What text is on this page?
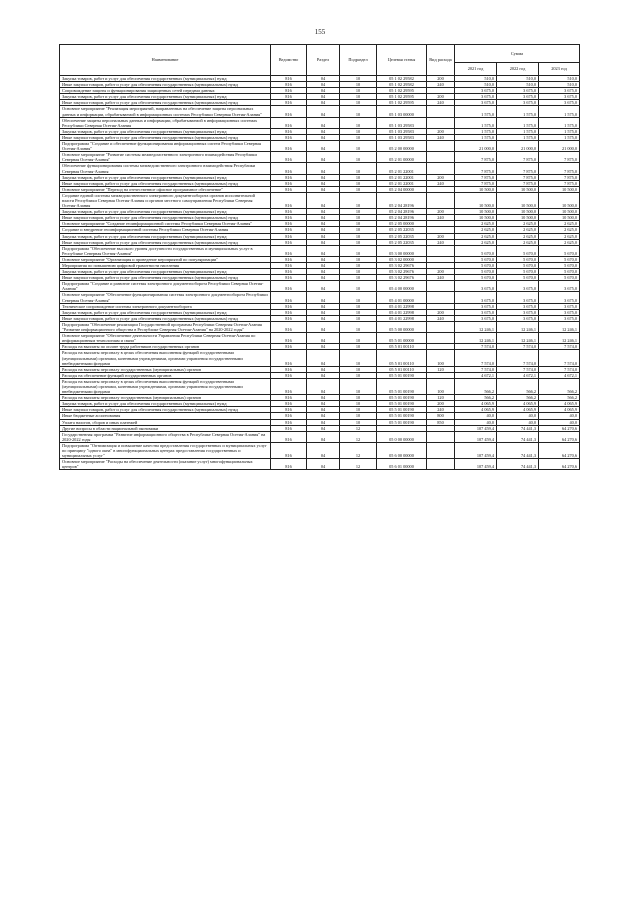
155
Наименование	Ведомство	Раздел	Подраздел	Целевая статья	Вид расхода	Сумма		
						2021 год	2022 год	2023 год
Закупка товаров, работ и услуг для обеспечения государственных (муниципальных) нужд	816	04	10	05 1 02 29582	200	510,0	510,0	510,0
Иные закупки товаров, работ и услуг для обеспечения государственных (муниципальных) нужд	816	04	10	05 1 02 29582	240	510,0	510,0	510,0
Сопровождение защиты и функционирования защищенных сетей передачи данных	816	04	10	05 1 02 29595		3 675,0	3 675,0	3 675,0
Закупка товаров, работ и услуг для обеспечения государственных (муниципальных) нужд	816	04	10	05 1 02 29595	200	3 675,0	3 675,0	3 675,0
Иные закупки товаров, работ и услуг для обеспечения государственных (муниципальных) нужд	816	04	10	05 1 02 29595	240	3 675,0	3 675,0	3 675,0
Основное мероприятие "Реализация мероприятий, направленных на обеспечение защиты персональных данных и информации, обрабатываемой в информационных системах Республики Северная Осетия-Алания"	816	04	10	05 1 03 00000		1 575,0	1 575,0	1 575,0
Обеспечение защиты персональных данных и информации, обрабатываемой в информационных системах Республики Северная Осетия-Алания	816	04	10	05 1 03 29583		1 575,0	1 575,0	1 575,0
Закупка товаров, работ и услуг для обеспечения государственных (муниципальных) нужд	816	04	10	05 1 03 29583	200	1 575,0	1 575,0	1 575,0
Иные закупки товаров, работ и услуг для обеспечения государственных (муниципальных) нужд	816	04	10	05 1 03 29583	240	1 575,0	1 575,0	1 575,0
Подпрограмма "Создание и обеспечение функционирования информационных систем Республики Северная Осетия-Алания"	816	04	10	05 2 00 00000		21 000,0	21 000,0	21 000,0
Основное мероприятие "Развитие системы межведомственного электронного взаимодействия Республики Северная Осетия-Алания"	816	04	10	05 2 01 00000		7 875,0	7 875,0	7 875,0
Обеспечение функционирования системы межведомственного электронного взаимодействия Республики Северная Осетия-Алания	816	04	10	05 2 01 22001		7 875,0	7 875,0	7 875,0
Закупка товаров, работ и услуг для обеспечения государственных (муниципальных) нужд	816	04	10	05 2 01 22001	200	7 875,0	7 875,0	7 875,0
Иные закупки товаров, работ и услуг для обеспечения государственных (муниципальных) нужд	816	04	10	05 2 01 22001	240	7 875,0	7 875,0	7 875,0
Основное мероприятие "Переход на отечественное офисное программное обеспечение"	816	04	10	05 2 04 00000		10 500,0	10 500,0	10 500,0
Создание единой системы межведомственного электронного документооборота органов исполнительной власти Республики Северная Осетия-Алания и органов местного самоуправления Республики Северная Осетия-Алания	816	04	10	05 2 04 28196		10 500,0	10 500,0	10 500,0
Закупка товаров, работ и услуг для обеспечения государственных (муниципальных) нужд	816	04	10	05 2 04 28196	200	10 500,0	10 500,0	10 500,0
Иные закупки товаров, работ и услуг для обеспечения государственных (муниципальных) нужд	816	04	10	05 2 04 28196	240	10 500,0	10 500,0	10 500,0
Основное мероприятие "Создание геоинформационной системы Республики Северная Осетия-Алания"	816	04	10	05 2 05 00000		2 625,0	2 625,0	2 625,0
Создание и внедрение геоинформационной системы Республики Северная Осетия-Алания	816	04	10	05 2 05 22035		2 625,0	2 625,0	2 625,0
Закупка товаров, работ и услуг для обеспечения государственных (муниципальных) нужд	816	04	10	05 2 05 22035	200	2 625,0	2 625,0	2 625,0
Иные закупки товаров, работ и услуг для обеспечения государственных (муниципальных) нужд	816	04	10	05 2 05 22035	240	2 625,0	2 625,0	2 625,0
Подпрограмма "Обеспечение высокого уровня доступности государственных и муниципальных услуг в Республике Северная Осетия-Алания"	816	04	10	05 3 00 00000		5 670,0	5 670,0	5 670,0
Основное мероприятие "Организация и проведение мероприятий по популяризации"	816	04	10	05 3 02 00000		5 670,0	5 670,0	5 670,0
Мероприятия по повышению цифровой грамотности населения	816	04	10	05 3 02 29676		5 670,0	5 670,0	5 670,0
Закупка товаров, работ и услуг для обеспечения государственных (муниципальных) нужд	816	04	10	05 3 02 29676	200	5 670,0	5 670,0	5 670,0
Иные закупки товаров, работ и услуг для обеспечения государственных (муниципальных) нужд	816	04	10	05 3 02 29676	240	5 670,0	5 670,0	5 670,0
Подпрограмма "Создание и развитие системы электронного документооборота Республики Северная Осетия-Алания"	816	04	10	05 4 00 00000		3 675,0	3 675,0	3 675,0
Основное мероприятие "Обеспечение функционирования системы электронного документооборота Республики Северная Осетия-Алания"	816	04	10	05 4 01 00000		3 675,0	3 675,0	3 675,0
Техническое сопровождение системы электронного документооборота	816	04	10	05 4 01 22998		3 675,0	3 675,0	3 675,0
Закупка товаров, работ и услуг для обеспечения государственных (муниципальных) нужд	816	04	10	05 4 01 22998	200	3 675,0	3 675,0	3 675,0
Иные закупки товаров, работ и услуг для обеспечения государственных (муниципальных) нужд	816	04	10	05 4 01 22998	240	3 675,0	3 675,0	3 675,0
Подпрограмма "Обеспечение реализации Государственной программы Республики Северная Осетия-Алания "Развитие информационного общества в Республике Северная Осетия-Алания" на 2020-2022 годы"	816	04	10	05 5 00 00000		12 246,1	12 246,1	12 246,1
Основное мероприятие "Обеспечение деятельности Управления Республики Северная Осетия-Алания по информационным технологиям и связи"	816	04	10	05 5 01 00000		12 246,1	12 246,1	12 246,1
Расходы на выплаты по оплате труда работников государственных органов	816	04	10	05 5 01 00110		7 574,0	7 574,0	7 574,0
Расходы на выплаты персоналу в целях обеспечения выполнения функций государственными (муниципальными) органами, казенными учреждениями, органами управления государственными внебюджетными фондами	816	04	10	05 5 01 00110	100	7 574,0	7 574,0	7 574,0
Расходы на выплаты персоналу государственных (муниципальных) органов	816	04	10	05 5 01 00110	120	7 574,0	7 574,0	7 574,0
Расходы на обеспечение функций государственных органов	816	04	10	05 5 01 00190		4 672,1	4 672,1	4 672,1
Расходы на выплаты персоналу в целях обеспечения выполнения функций государственными (муниципальными) органами, казенными учреждениями, органами управления государственными внебюджетными фондами	816	04	10	05 5 01 00190	100	566,2	566,2	566,2
Расходы на выплаты персоналу государственных (муниципальных) органов	816	04	10	05 5 01 00190	120	566,2	566,2	566,2
Закупка товаров, работ и услуг для обеспечения государственных (муниципальных) нужд	816	04	10	05 5 01 00190	200	4 065,9	4 065,9	4 065,9
Иные закупки товаров, работ и услуг для обеспечения государственных (муниципальных) нужд	816	04	10	05 5 01 00190	240	4 065,9	4 065,9	4 065,9
Иные бюджетные ассигнования	816	04	10	05 5 01 00190	800	40,0	40,0	40,0
Уплата налогов, сборов и иных платежей	816	04	10	05 5 01 00190	850	40,0	40,0	40,0
Другие вопросы в области национальной экономики	816	04	12			107 459,4	74 441,3	64 270,6
Государственная программа "Развитие информационного общества в Республике Северная Осетия-Алания" на 2020-2022 годы	816	04	12	05 0 00 00000		107 459,4	74 441,3	64 270,6
Подпрограмма "Оптимизация и повышение качества предоставления государственных и муниципальных услуг по принципу "одного окна" в многофункциональных центрах предоставления государственных и муниципальных услуг"	816	04	12	05 6 00 00000		107 459,4	74 441,3	64 270,6
Основное мероприятие "Расходы на обеспечение деятельности (оказание услуг) многофункциональных центров"	816	04	12	05 6 01 00000		107 459,4	74 441,3	64 270,6
